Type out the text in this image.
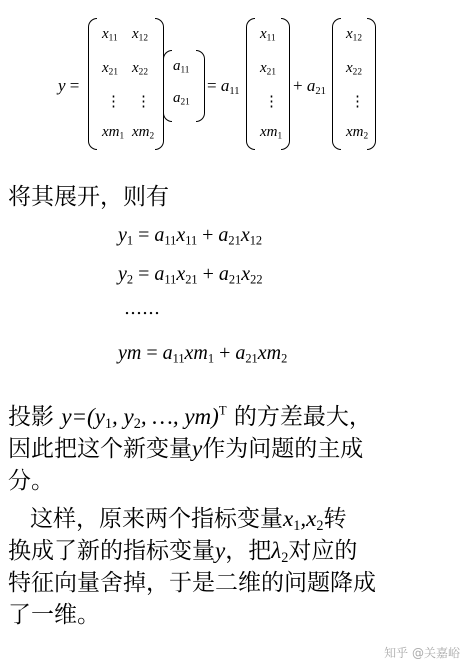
y =
$x_{11}$ $x_{12}$
$x_{21}$ $x_{22}$
⋮ ⋮
$xm_1$ $xm_2$
$a_{11}$
$a_{21}$
= $a_{11}$
$x_{11}$
$x_{21}$
⋮
$xm_1$
+ $a_{21}$
$x_{12}$
$x_{22}$
⋮
$xm_2$
将其展开，则有
$y_1 = a_{11}x_{11} + a_{21}x_{12}$
$y_2 = a_{11}x_{21} + a_{21}x_{22}$
……
ym = $a_{11}xm_1 + a_{21}xm_2$
投影 $y=(y_1$, $y_2$, …, ym)$^T$ 的方差最大，
因此把这个新变量y作为问题的主成
分。
这样，原来两个指标变量$x_1,x_2$转
换成了新的指标变量y，把$\lambda_2$对应的
特征向量舍掉，于是二维的问题降成
了一维。
知乎 @关嘉峪
